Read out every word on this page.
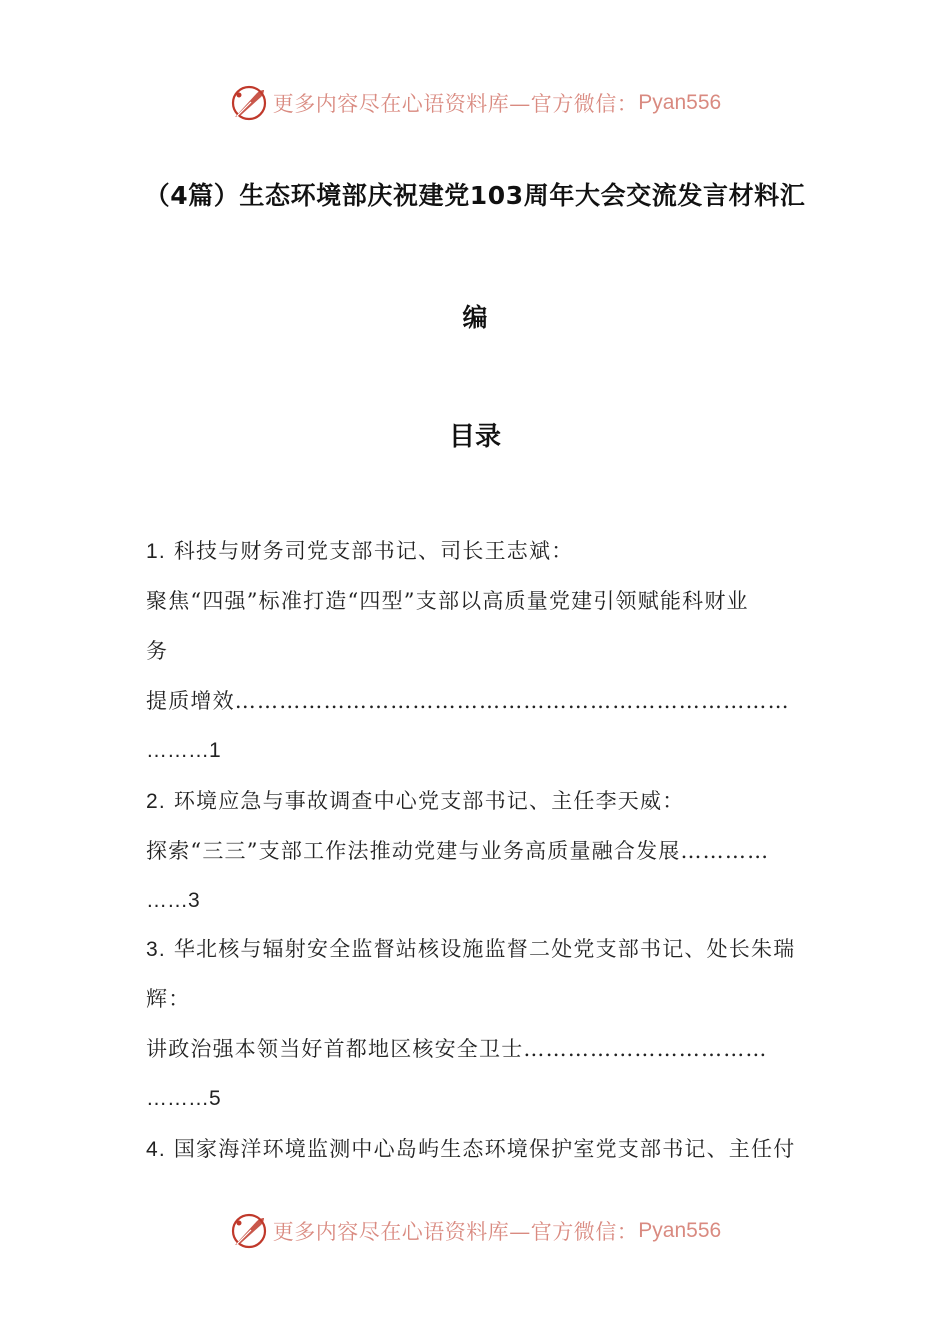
更多内容尽在心语资料库—官方微信： Pyan556
（4篇）生态环境部庆祝建党103周年大会交流发言材料汇
编
目录
1. 科技与财务司党支部书记、司长王志斌：
聚焦“四强”标准打造“四型”支部以高质量党建引领赋能科财业
务
提质增效…………………………………………………………………
………1
2. 环境应急与事故调查中心党支部书记、主任李天威：
探索“三三”支部工作法推动党建与业务高质量融合发展…………
……3
3. 华北核与辐射安全监督站核设施监督二处党支部书记、处长朱瑞
辉：
讲政治强本领当好首都地区核安全卫士……………………………
………5
4. 国家海洋环境监测中心岛屿生态环境保护室党支部书记、主任付
更多内容尽在心语资料库—官方微信： Pyan556
